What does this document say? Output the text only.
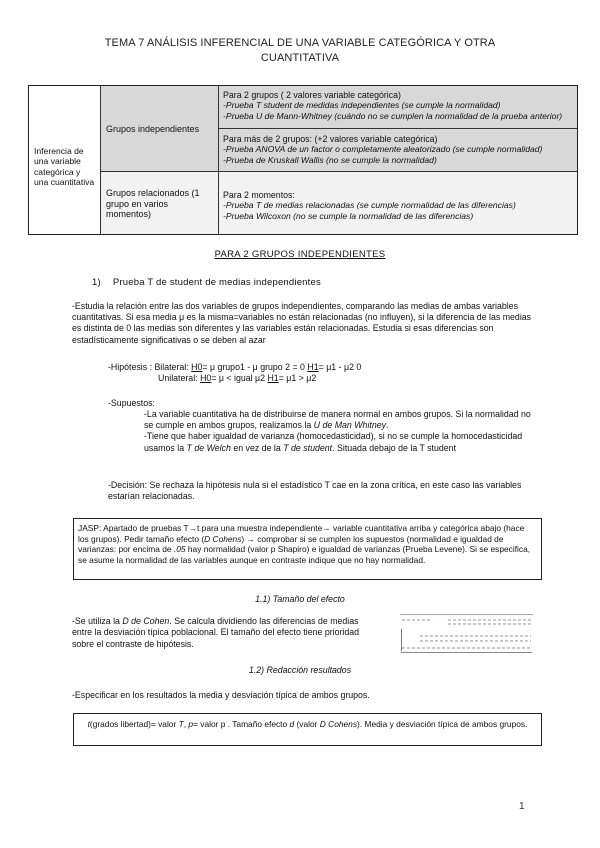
TEMA 7 ANÁLISIS INFERENCIAL DE UNA VARIABLE CATEGÓRICA Y OTRA
CUANTITATIVA
Inferencia de una variable categórica y una cuantitativa
Grupos independientes
Grupos relacionados (1 grupo en varios momentos)
Para 2 grupos ( 2 valores variable categórica)
-Prueba T student de medidas independientes (se cumple la normalidad)
-Prueba U de Mann-Whitney (cuándo no se cumplen la normalidad de la prueba anterior)
Para más de 2 grupos: (+2 valores variable categórica)
-Prueba ANOVA de un factor o completamente aleatorizado (se cumple normalidad)
-Prueba de Kruskall Wallis (no se cumple la normalidad)
Para 2 momentos:
-Prueba T de medias relacionadas (se cumple normalidad de las diferencias)
-Prueba Wilcoxon (no se cumple la normalidad de las diferencias)
PARA 2 GRUPOS INDEPENDIENTES
1) Prueba T de student de medias independientes
-Estudia la relación entre las dos variables de grupos independientes, comparando las medias de ambas variables cuantitativas. Si esa media μ es la misma=variables no están relacionadas (no influyen), si la diferencia de las medias es distinta de 0 las medias son diferentes y las variables están relacionadas. Estudia si esas diferencias son estadísticamente significativas o se deben al azar
-Hipótesis : Bilateral: H0= μ grupo1 - μ grupo 2 = 0 H1= μ1 - μ2 0
Unilateral: H0= μ < igual μ2 H1= μ1 > μ2
-Supuestos:
-La variable cuantitativa ha de distribuirse de manera normal en ambos grupos. Si la normalidad no se cumple en ambos grupos, realizamos la U de Man Whitney.
-Tiene que haber igualdad de varianza (homocedasticidad), si no se cumple la homocedasticidad usamos la T de Welch en vez de la T de student. Situada debajo de la T student
-Decisión: Se rechaza la hipótesis nula si el estadístico T cae en la zona crítica, en este caso las variables estarían relacionadas.
JASP: Apartado de pruebas T→t para una muestra independiente→ variable cuantitativa arriba y categórica abajo (hace los grupos). Pedir tamaño efecto (D Cohens) → comprobar si se cumplen los supuestos (normalidad e igualdad de varianzas: por encima de .05 hay normalidad (valor p Shapiro) e igualdad de varianzas (Prueba Levene). Si se especifica, se asume la normalidad de las variables aunque en contraste indique que no hay normalidad.
1.1) Tamaño del efecto
-Se utiliza la D de Cohen. Se calcula dividiendo las diferencias de medias entre la desviación típica poblacional. El tamaño del efecto tiene prioridad sobre el contraste de hipótesis.
1.2) Redacción resultados
-Especificar en los resultados la media y desviación típica de ambos grupos.
t(grados libertad)= valor T, p= valor p . Tamaño efecto d (valor D Cohens). Media y desviación típica de ambos grupos.
1
